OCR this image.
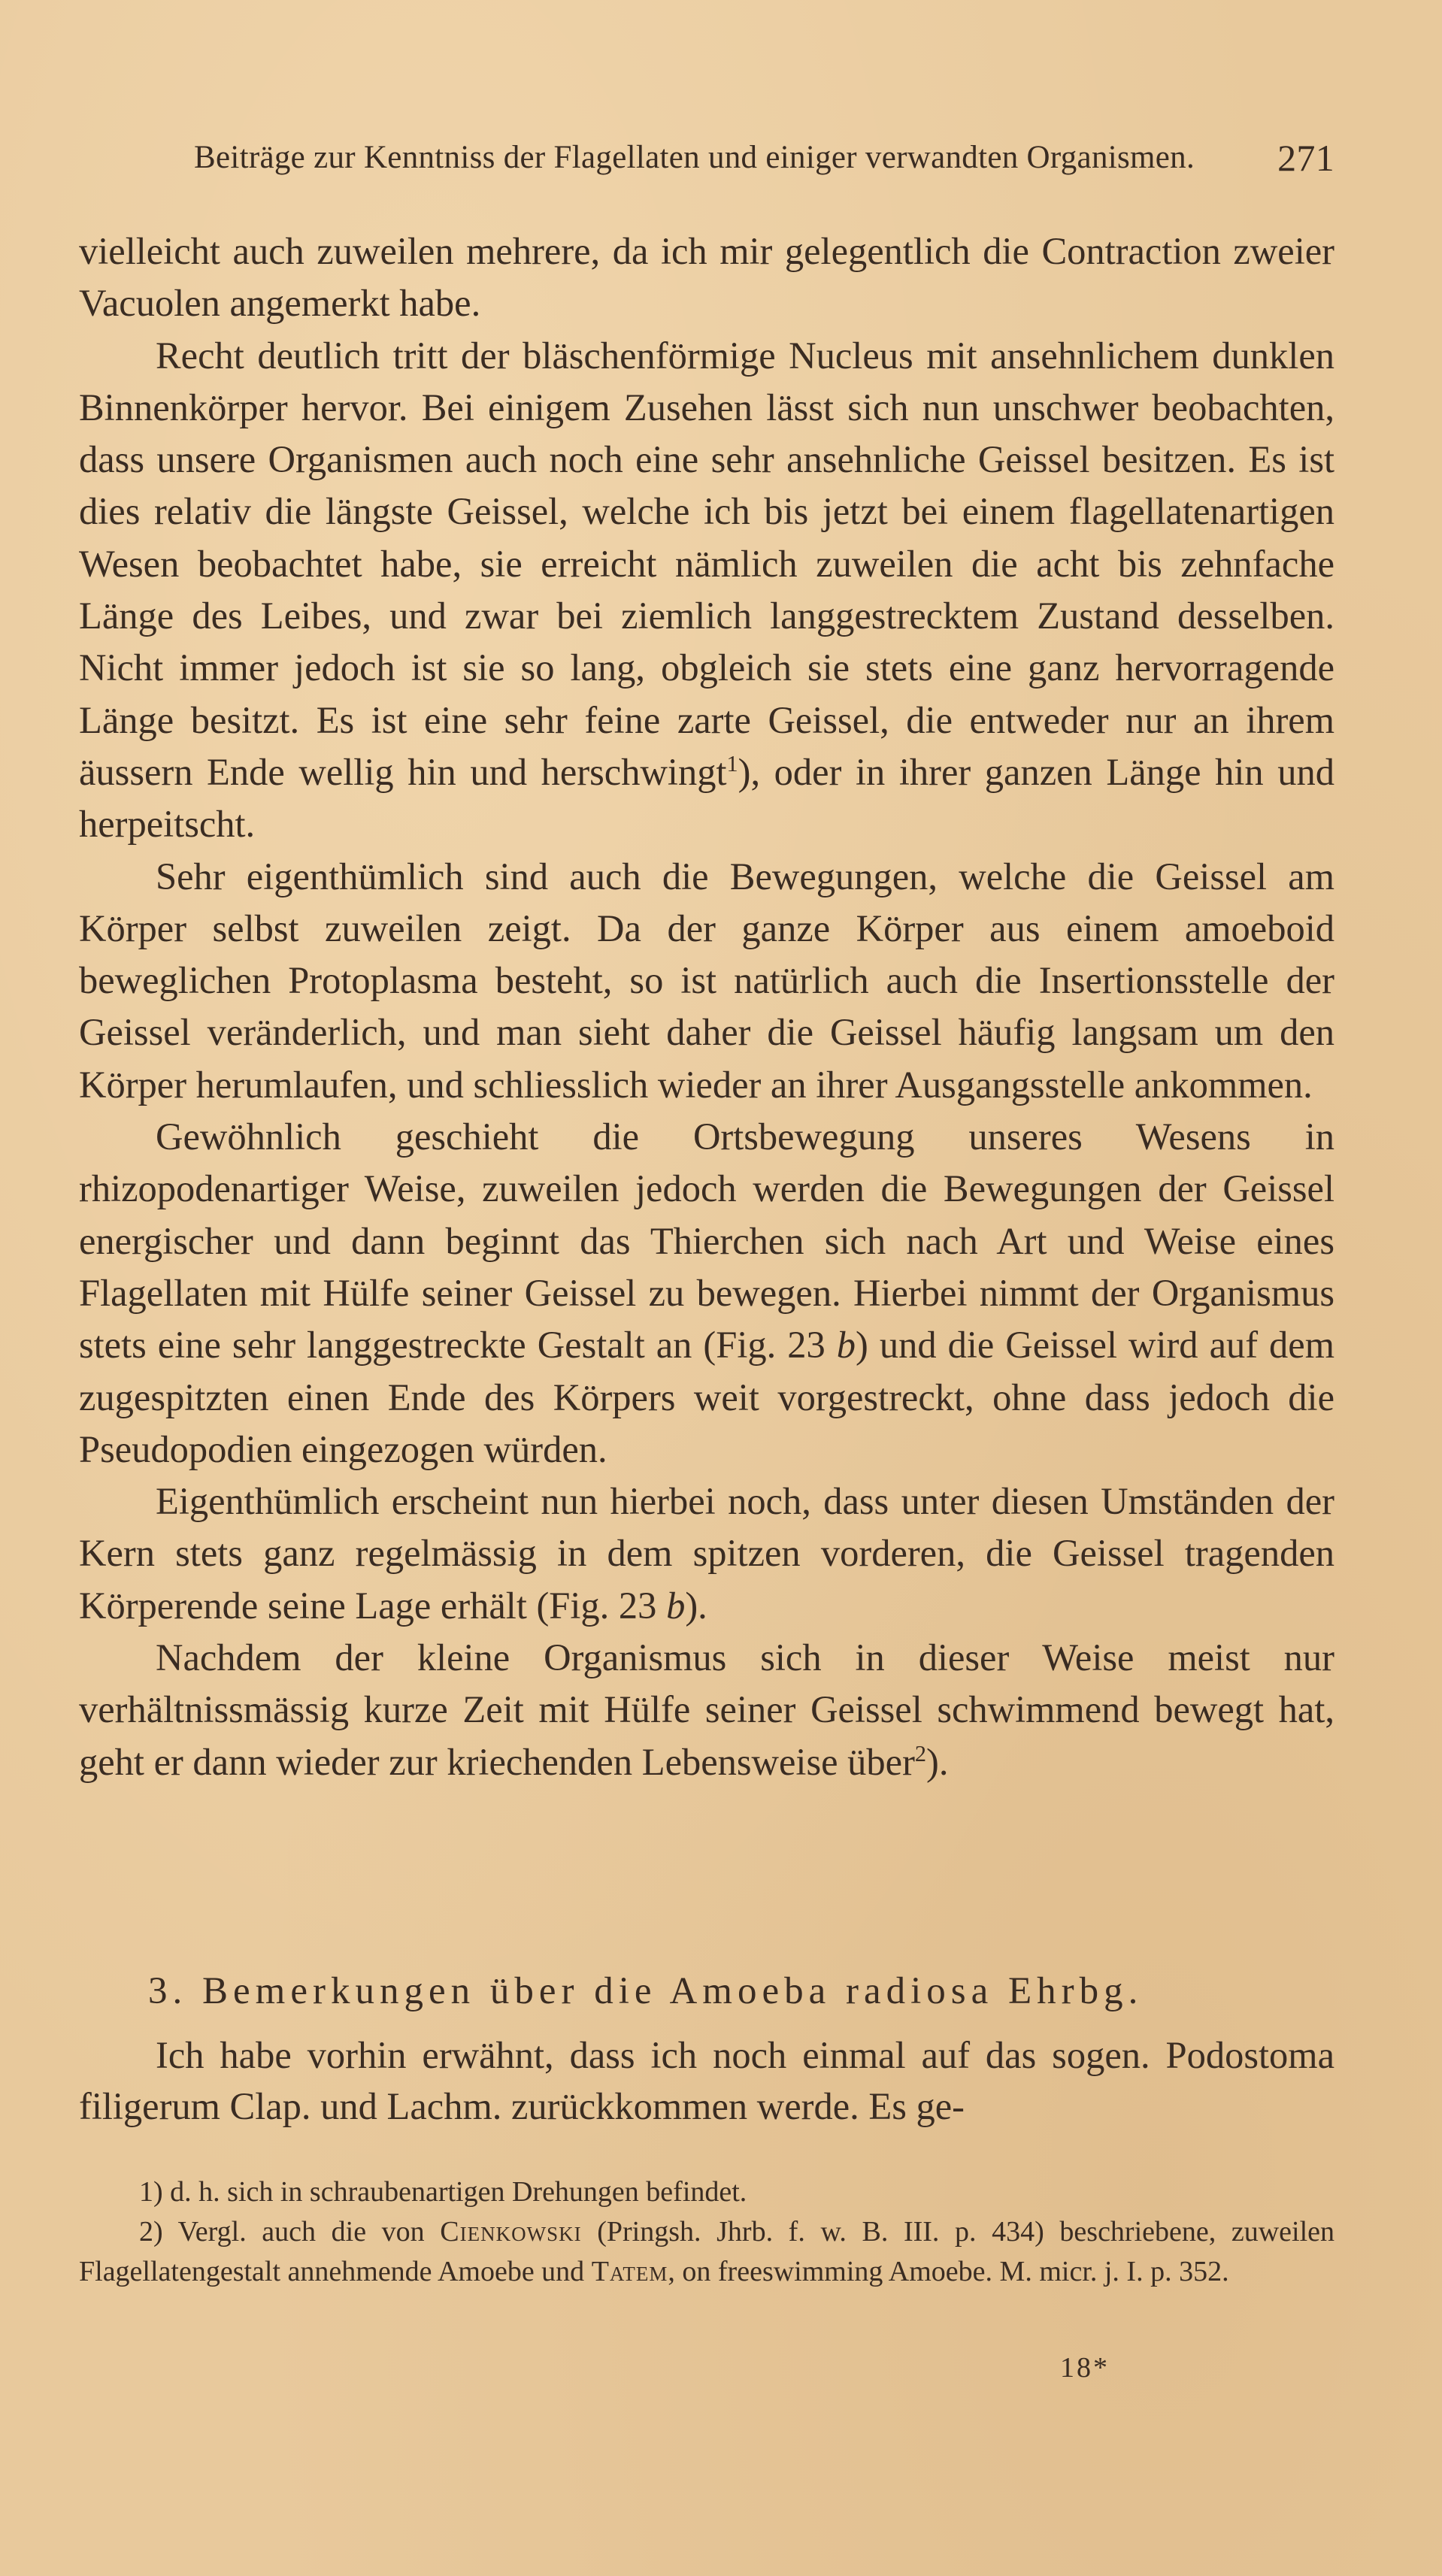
Beiträge zur Kenntniss der Flagellaten und einiger verwandten Organismen. 271

vielleicht auch zuweilen mehrere, da ich mir gelegentlich die Contraction zweier Vacuolen angemerkt habe.

Recht deutlich tritt der bläschenförmige Nucleus mit ansehnlichem dunklen Binnenkörper hervor. Bei einigem Zusehen lässt sich nun unschwer beobachten, dass unsere Organismen auch noch eine sehr ansehnliche Geissel besitzen. Es ist dies relativ die längste Geissel, welche ich bis jetzt bei einem flagellatenartigen Wesen beobachtet habe, sie erreicht nämlich zuweilen die acht bis zehnfache Länge des Leibes, und zwar bei ziemlich langgestrecktem Zustand desselben. Nicht immer jedoch ist sie so lang, obgleich sie stets eine ganz hervorragende Länge besitzt. Es ist eine sehr feine zarte Geissel, die entweder nur an ihrem äussern Ende wellig hin und herschwingt$^1$), oder in ihrer ganzen Länge hin und herpeitscht.

Sehr eigenthümlich sind auch die Bewegungen, welche die Geissel am Körper selbst zuweilen zeigt. Da der ganze Körper aus einem amoeboid beweglichen Protoplasma besteht, so ist natürlich auch die Insertionsstelle der Geissel veränderlich, und man sieht daher die Geissel häufig langsam um den Körper herumlaufen, und schliesslich wieder an ihrer Ausgangsstelle ankommen.

Gewöhnlich geschieht die Ortsbewegung unseres Wesens in rhizopodenartiger Weise, zuweilen jedoch werden die Bewegungen der Geissel energischer und dann beginnt das Thierchen sich nach Art und Weise eines Flagellaten mit Hülfe seiner Geissel zu bewegen. Hierbei nimmt der Organismus stets eine sehr langgestreckte Gestalt an (Fig. 23 b) und die Geissel wird auf dem zugespitzten einen Ende des Körpers weit vorgestreckt, ohne dass jedoch die Pseudopodien eingezogen würden.

Eigenthümlich erscheint nun hierbei noch, dass unter diesen Umständen der Kern stets ganz regelmässig in dem spitzen vorderen, die Geissel tragenden Körperende seine Lage erhält (Fig. 23 b).

Nachdem der kleine Organismus sich in dieser Weise meist nur verhältnissmässig kurze Zeit mit Hülfe seiner Geissel schwimmend bewegt hat, geht er dann wieder zur kriechenden Lebensweise über$^2$).

3. Bemerkungen über die Amoeba radiosa Ehrbg.

Ich habe vorhin erwähnt, dass ich noch einmal auf das sogen. Podostoma filigerum Clap. und Lachm. zurückkommen werde. Es ge-

1) d. h. sich in schraubenartigen Drehungen befindet.

2) Vergl. auch die von Cienkowski (Pringsh. Jhrb. f. w. B. III. p. 434) beschriebene, zuweilen Flagellatengestalt annehmende Amoebe und Tatem, on freeswimming Amoebe. M. micr. j. I. p. 352.

18*
